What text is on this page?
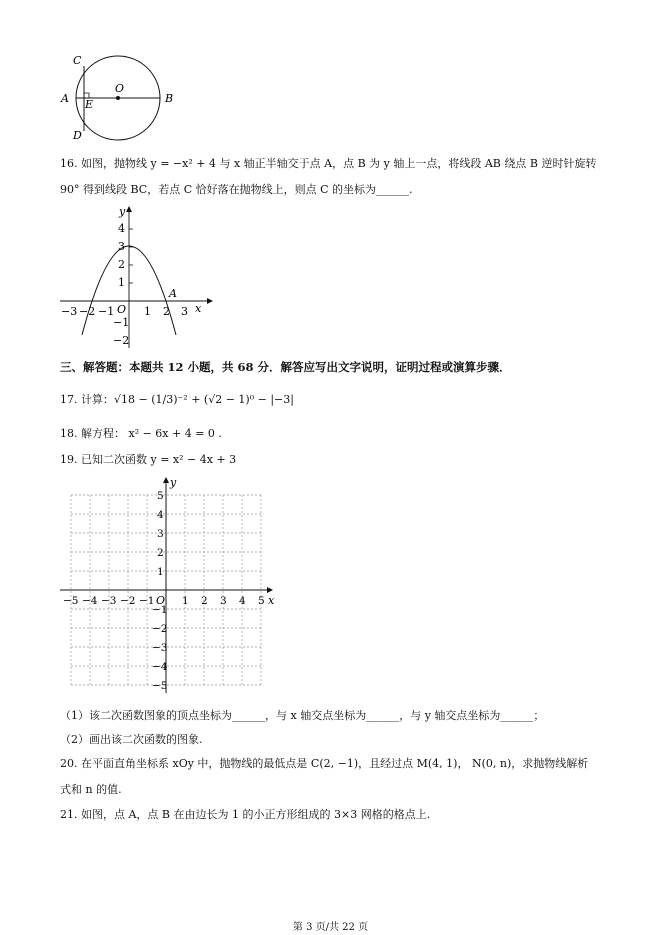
C
O
A	B
E
D
16. 如图，抛物线 y = −x² + 4 与 x 轴正半轴交于点 A，点 B 为 y 轴上一点，将线段 AB 绕点 B 逆时针旋转
90° 得到线段 BC，若点 C 恰好落在抛物线上，则点 C 的坐标为______.
y
x
O
A
4
3
2
1
−1
−2
−3 −2 −1	1 2 3
三、解答题：本题共 12 小题，共 68 分．解答应写出文字说明，证明过程或演算步骤．
17. 计算：√18 − (1/3)⁻² + (√2 − 1)⁰ − |−3|
18. 解方程： x² − 6x + 4 = 0 .
19. 已知二次函数 y = x² − 4x + 3
y
x
O
−5 −4 −3 −2 −1	1 2 3 4 5
5
4
3
2
1
−1
−2
−3
−4
−5
（1）该二次函数图象的顶点坐标为______，与 x 轴交点坐标为______，与 y 轴交点坐标为______；
（2）画出该二次函数的图象.
20. 在平面直角坐标系 xOy 中，抛物线的最低点是 C(2, −1)，且经过点 M(4, 1)， N(0, n)，求抛物线解析
式和 n 的值.
21. 如图，点 A，点 B 在由边长为 1 的小正方形组成的 3×3 网格的格点上.
第 3 页/共 22 页
